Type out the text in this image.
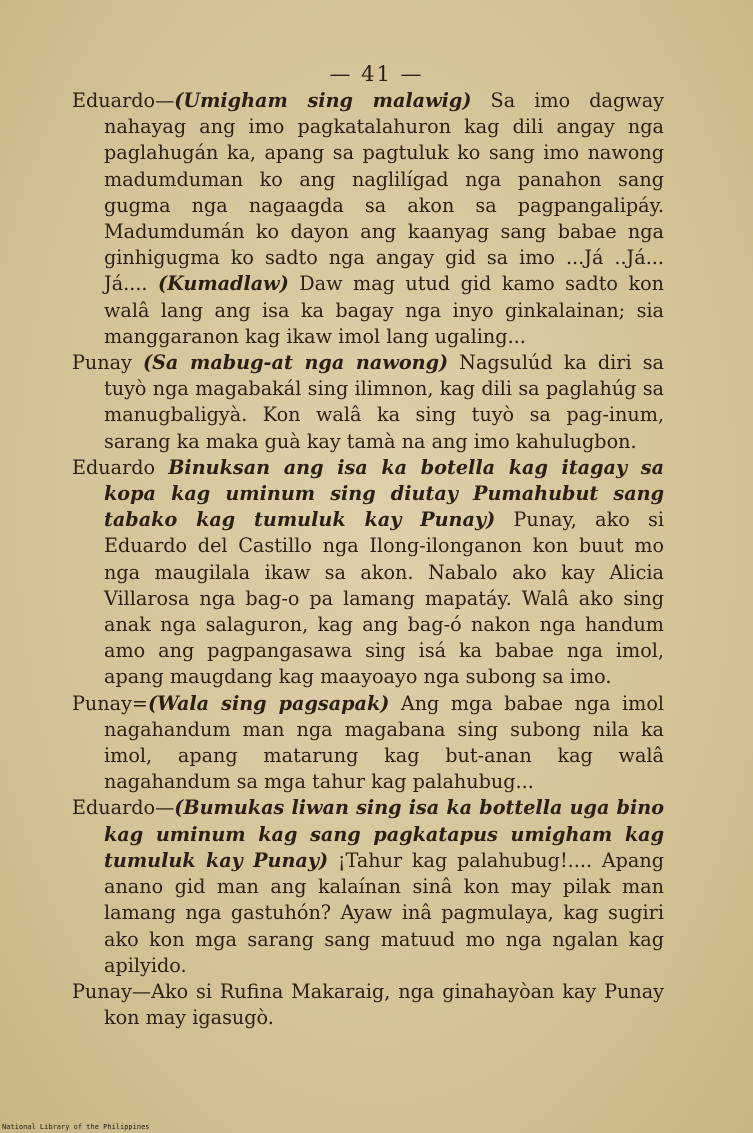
— 41 —

Eduardo—(Umigham sing malawig) Sa imo dagway nahayag ang imo pagkatalahuron kag dili angay nga paglahugán ka, apang sa pagtuluk ko sang imo nawong madumduman ko ang naglilígad nga panahon sang gugma nga nagaagda sa akon sa pagpangalipáy. Madumdumán ko dayon ang kaanyag sang babae nga ginhigugma ko sadto nga angay gid sa imo ...Já ..Já... Já.... (Kumadlaw) Daw mag utud gid kamo sadto kon walâ lang ang isa ka bagay nga inyo ginkalainan; sia manggaranon kag ikaw imol lang ugaling...

Punay (Sa mabug-at nga nawong) Nagsulúd ka diri sa tuyò nga magabakál sing ilimnon, kag dili sa paglahúg sa manugbaligyà. Kon walâ ka sing tuyò sa pag-inum, sarang ka maka guà kay tamà na ang imo kahulugbon.

Eduardo Binuksan ang isa ka botella kag itagay sa kopa kag uminum sing diutay Pumahubut sang tabako kag tumuluk kay Punay) Punay, ako si Eduardo del Castillo nga Ilong-ilonganon kon buut mo nga maugilala ikaw sa akon. Nabalo ako kay Alicia Villarosa nga bag-o pa lamang mapatáy. Walâ ako sing anak nga salaguron, kag ang bag-ó nakon nga handum amo ang pagpangasawa sing isá ka babae nga imol, apang maugdang kag maayoayo nga subong sa imo.

Punay=(Wala sing pagsapak) Ang mga babae nga imol nagahandum man nga magabana sing subong nila ka imol, apang matarung kag but-anan kag walâ nagahandum sa mga tahur kag palahubug...

Eduardo—(Bumukas liwan sing isa ka bottella uga bino kag uminum kag sang pagkatapus umigham kag tumuluk kay Punay) ¡Tahur kag palahubug!.... Apang anano gid man ang kalaínan sinâ kon may pilak man lamang nga gastuhón? Ayaw inâ pagmulaya, kag sugiri ako kon mga sarang sang matuud mo nga ngalan kag apilyido.

Punay—Ako si Rufina Makaraig, nga ginahayòan kay Punay kon may igasugò.

National Library of the Philippines
